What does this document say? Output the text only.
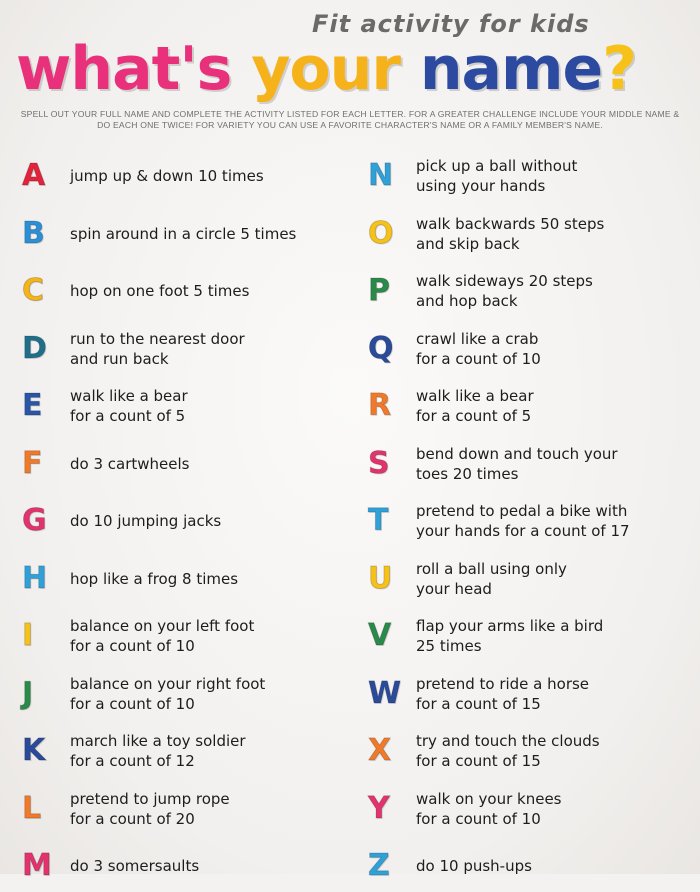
Fit activity for kids
what's your name?
SPELL OUT YOUR FULL NAME AND COMPLETE THE ACTIVITY LISTED FOR EACH LETTER. FOR A GREATER CHALLENGE INCLUDE YOUR MIDDLE NAME & DO EACH ONE TWICE! FOR VARIETY YOU CAN USE A FAVORITE CHARACTER'S NAME OR A FAMILY MEMBER'S NAME.
A	jump up & down 10 times
B	spin around in a circle 5 times
C	hop on one foot 5 times
D	run to the nearest door
and run back
E	walk like a bear
for a count of 5
F	do 3 cartwheels
G	do 10 jumping jacks
H	hop like a frog 8 times
I	balance on your left foot
for a count of 10
J	balance on your right foot
for a count of 10
K	march like a toy soldier
for a count of 12
L	pretend to jump rope
for a count of 20
M	do 3 somersaults
N	pick up a ball without
using your hands
O	walk backwards 50 steps
and skip back
P	walk sideways 20 steps
and hop back
Q	crawl like a crab
for a count of 10
R	walk like a bear
for a count of 5
S	bend down and touch your
toes 20 times
T	pretend to pedal a bike with
your hands for a count of 17
U	roll a ball using only
your head
V	flap your arms like a bird
25 times
W pretend to ride a horse
for a count of 15
X	try and touch the clouds
for a count of 15
Y	walk on your knees
for a count of 10
Z	do 10 push-ups
